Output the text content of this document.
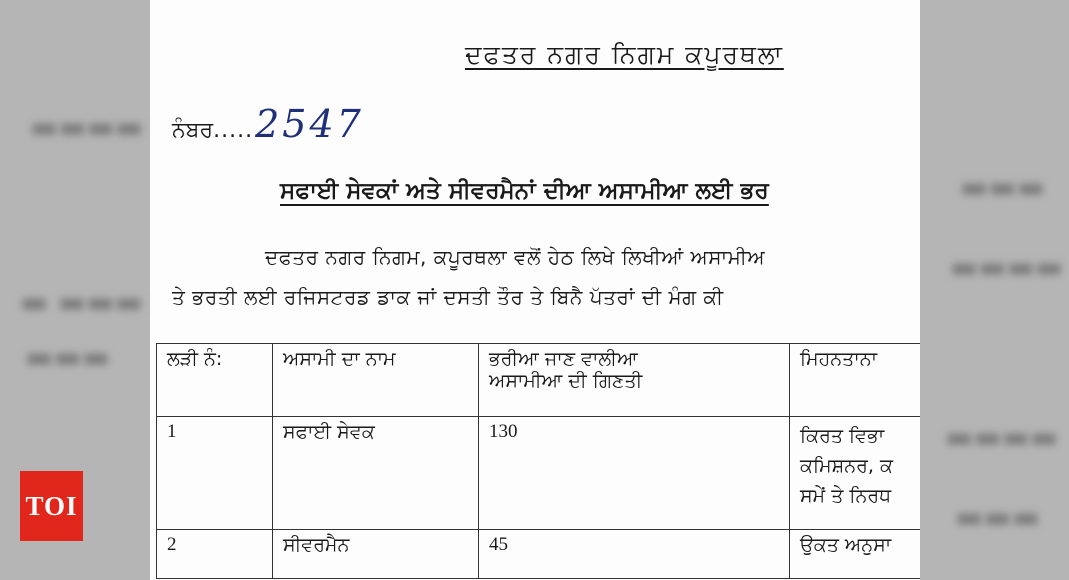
▬▬▬▬
▬ ▬▬▬
▬▬▬
▬▬▬
▬▬▬▬
▬▬▬▬
▬▬▬
ਦਫਤਰ ਨਗਰ ਨਿਗਮ ਕਪੂਰਥਲਾ
ਨੰਬਰ......2547
ਸਫਾਈ ਸੇਵਕਾਂ ਅਤੇ ਸੀਵਰਮੈਨਾਂ ਦੀਆ ਅਸਾਮੀਆ ਲਈ ਭਰ
ਦਫਤਰ ਨਗਰ ਨਿਗਮ, ਕਪੂਰਥਲਾ ਵਲੋਂ ਹੇਠ ਲਿਖੇ ਲਿਖੀਆਂ ਅਸਾਮੀਅ
ਤੇ ਭਰਤੀ ਲਈ ਰਜਿਸਟਰਡ ਡਾਕ ਜਾਂ ਦਸਤੀ ਤੌਰ ਤੇ ਬਿਨੈ ਪੱਤਰਾਂ ਦੀ ਮੰਗ ਕੀ
ਲੜੀ ਨੰ:	ਅਸਾਮੀ ਦਾ ਨਾਮ	ਭਰੀਆ ਜਾਣ ਵਾਲੀਆ
ਅਸਾਮੀਆ ਦੀ ਗਿਣਤੀ	ਮਿਹਨਤਾਨਾ
1	ਸਫਾਈ ਸੇਵਕ	130	ਕਿਰਤ ਵਿਭਾ
ਕਮਿਸ਼ਨਰ, ਕ
ਸਮੇਂ ਤੇ ਨਿਰਧ

2	ਸੀਵਰਮੈਨ	45	ਉਕਤ ਅਨੁਸਾ
TOI
